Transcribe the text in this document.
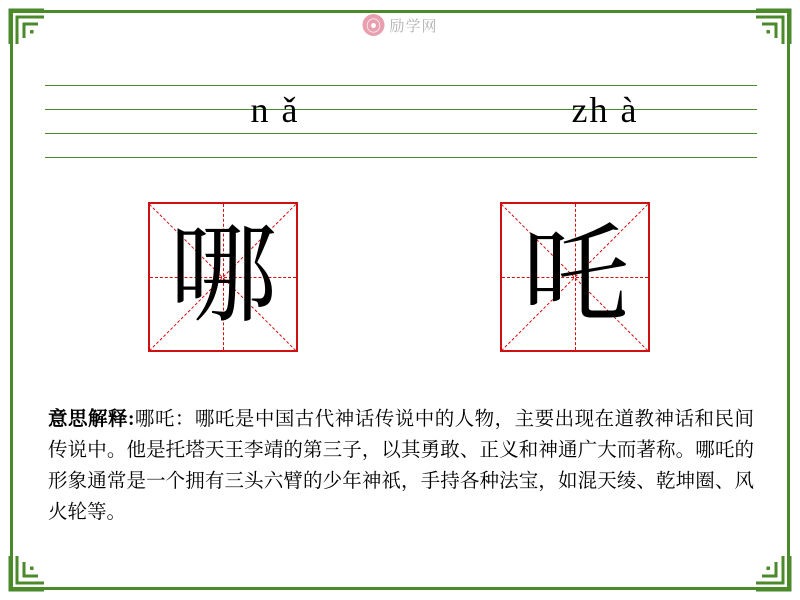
⦿ 励学网
n ǎ	zh à
哪 吒
意思解释:哪吒：哪吒是中国古代神话传说中的人物，主要出现在道教神话和民间传说中。他是托塔天王李靖的第三子，以其勇敢、正义和神通广大而著称。哪吒的形象通常是一个拥有三头六臂的少年神祇，手持各种法宝，如混天绫、乾坤圈、风火轮等。
